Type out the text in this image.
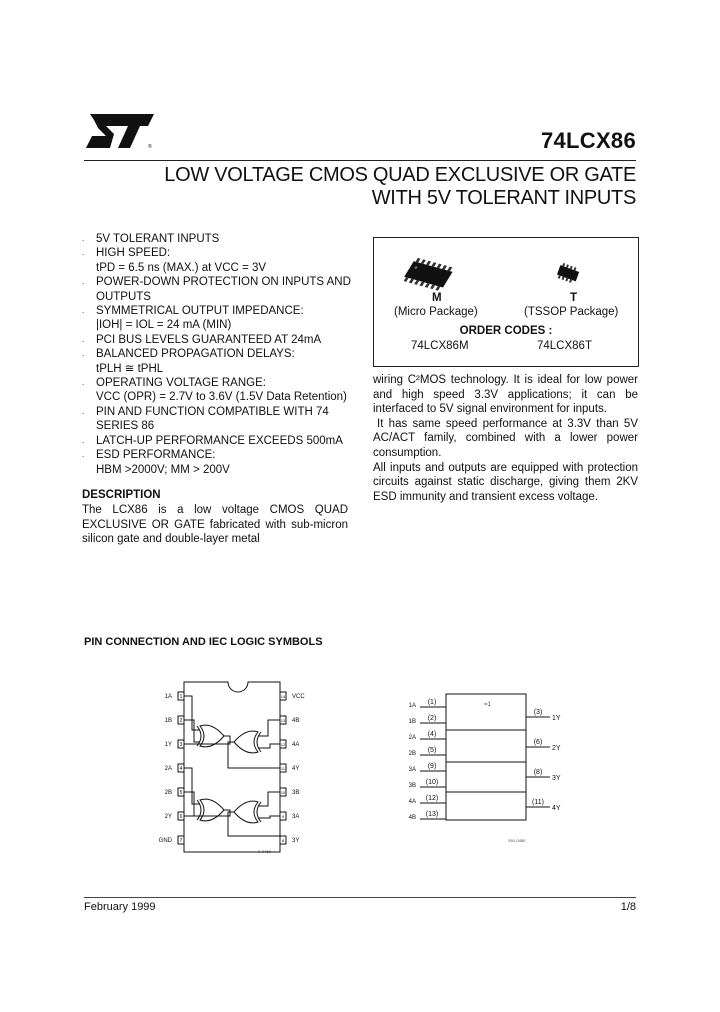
®	74LCX86
LOW VOLTAGE CMOS QUAD EXCLUSIVE OR GATE
WITH 5V TOLERANT INPUTS
. 5V TOLERANT INPUTS
. HIGH SPEED:
tPD = 6.5 ns (MAX.) at VCC = 3V
. POWER-DOWN PROTECTION ON INPUTS AND OUTPUTS
. SYMMETRICAL OUTPUT IMPEDANCE:
|IOH| = IOL = 24 mA (MIN)
. PCI BUS LEVELS GUARANTEED AT 24mA
. BALANCED PROPAGATION DELAYS:
tPLH ≅ tPHL
. OPERATING VOLTAGE RANGE:
VCC (OPR) = 2.7V to 3.6V (1.5V Data Retention)
. PIN AND FUNCTION COMPATIBLE WITH 74 SERIES 86
. LATCH-UP PERFORMANCE EXCEEDS 500mA
. ESD PERFORMANCE:
HBM >2000V; MM > 200V
M	T
(Micro Package)	(TSSOP Package)
ORDER CODES :
74LCX86M	74LCX86T
DESCRIPTION
The LCX86 is a low voltage CMOS QUAD EXCLUSIVE OR GATE fabricated with sub-micron silicon gate and double-layer metal

wiring C²MOS technology. It is ideal for low power and high speed 3.3V applications; it can be interfaced to 5V signal environment for inputs.

It has same speed performance at 3.3V than 5V AC/ACT family, combined with a lower power consumption.

All inputs and outputs are equipped with protection circuits against static discharge, giving them 2KV ESD immunity and transient excess voltage.

PIN CONNECTION AND IEC LOGIC SYMBOLS
1
1A
2
1B
3
1Y
4
2A
5
2B
6
2Y
7
GND
14 VCC
13 4B
12 4A
11 4Y
10 3B
9 3A
8 3Y
S-0458
=1
1A (1)
1B (2)
2A (4)
2B (5)
3A (9)
3B (10)
4A (12)
4B (13)
(3)
1Y
(6)
2Y
(8)
3Y
(11)
4Y
S91-0450
February 1999	1/8
